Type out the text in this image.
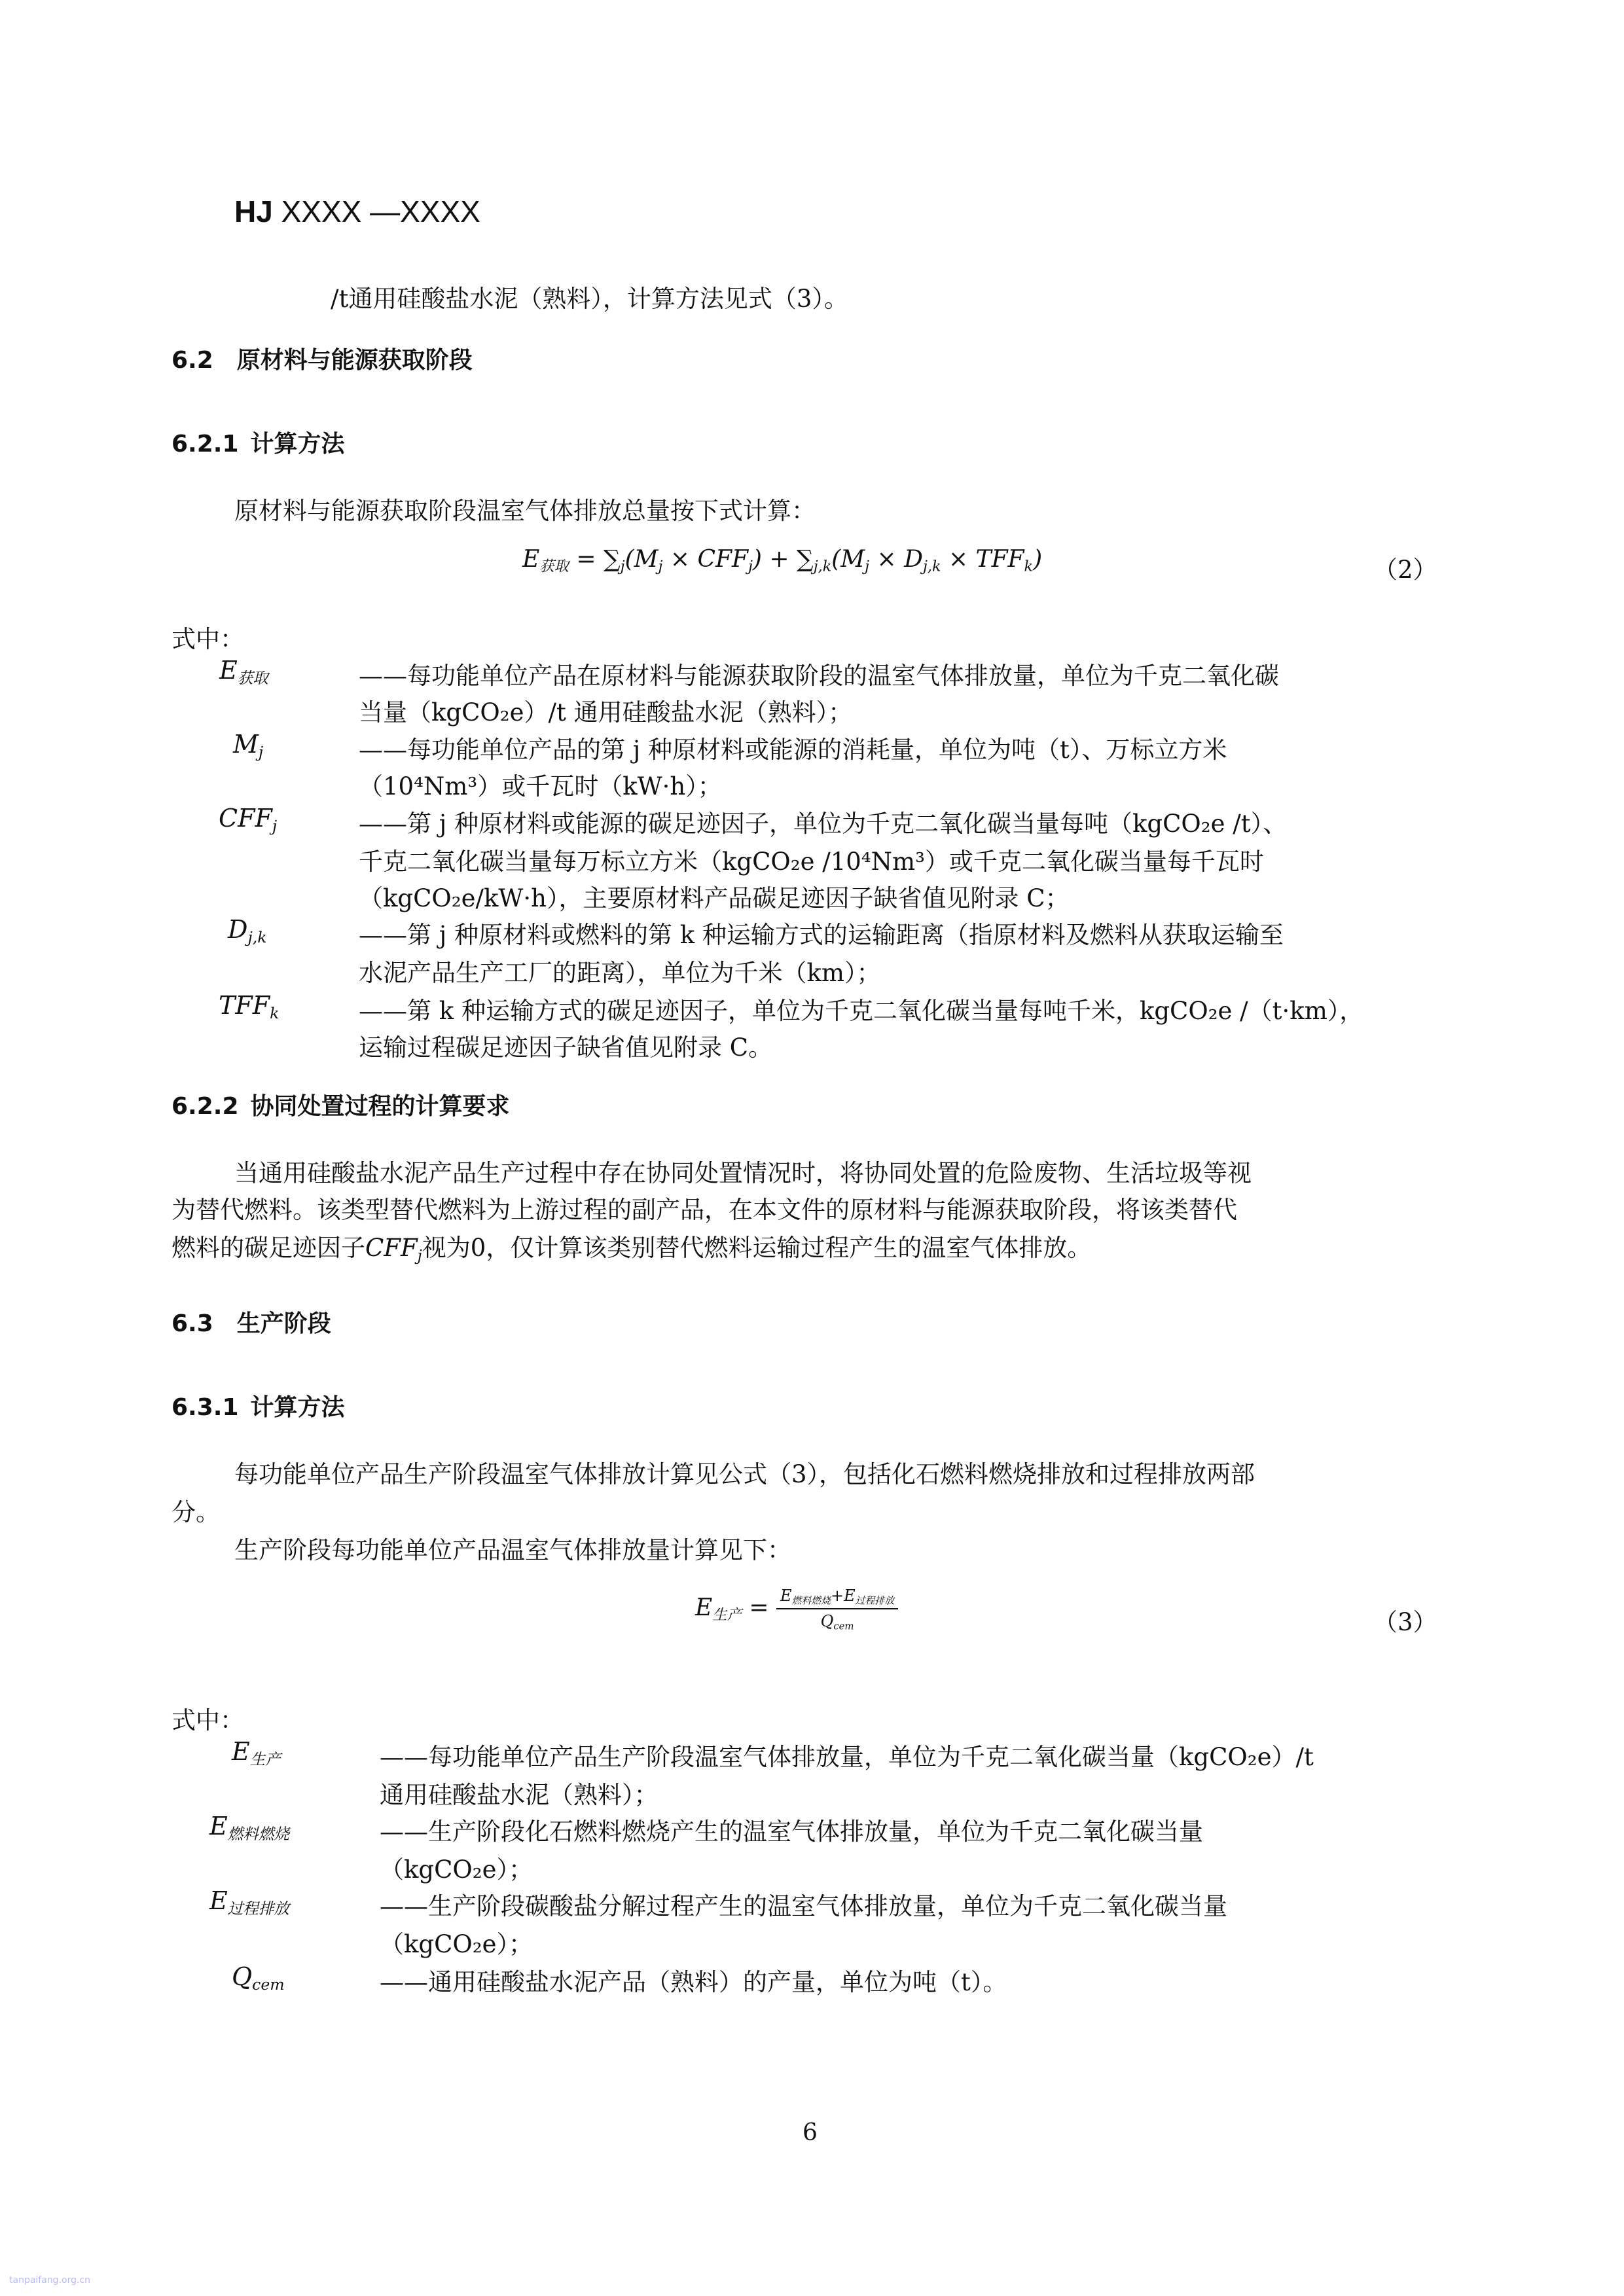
HJ XXXX —XXXX
/t通用硅酸盐水泥（熟料），计算方法见式（3）。
6.2 原材料与能源获取阶段
6.2.1 计算方法
原材料与能源获取阶段温室气体排放总量按下式计算：
$E_{获取} = \sum_j(M_j \times CFF_j) + \sum_{j,k}(M_j \times D_{j,k} \times TFF_k)$	（2）
式中：
$E_{获取}$	——每功能单位产品在原材料与能源获取阶段的温室气体排放量，单位为千克二氧化碳
当量（kgCO₂e）/t 通用硅酸盐水泥（熟料）；
$M_j$	——每功能单位产品的第 j 种原材料或能源的消耗量，单位为吨（t）、万标立方米
（10⁴Nm³）或千瓦时（kW·h）；
$CFF_j$	——第 j 种原材料或能源的碳足迹因子，单位为千克二氧化碳当量每吨（kgCO₂e /t）、
千克二氧化碳当量每万标立方米（kgCO₂e /10⁴Nm³）或千克二氧化碳当量每千瓦时
（kgCO₂e/kW·h），主要原材料产品碳足迹因子缺省值见附录 C；
$D_{j,k}$	——第 j 种原材料或燃料的第 k 种运输方式的运输距离（指原材料及燃料从获取运输至
水泥产品生产工厂的距离），单位为千米（km）；
$TFF_k$	——第 k 种运输方式的碳足迹因子，单位为千克二氧化碳当量每吨千米，kgCO₂e /（t·km），
运输过程碳足迹因子缺省值见附录 C。
6.2.2 协同处置过程的计算要求
当通用硅酸盐水泥产品生产过程中存在协同处置情况时，将协同处置的危险废物、生活垃圾等视
为替代燃料。该类型替代燃料为上游过程的副产品，在本文件的原材料与能源获取阶段，将该类替代
燃料的碳足迹因子$CFF_j$视为0，仅计算该类别替代燃料运输过程产生的温室气体排放。
6.3 生产阶段
6.3.1 计算方法
每功能单位产品生产阶段温室气体排放计算见公式（3），包括化石燃料燃烧排放和过程排放两部
分。
生产阶段每功能单位产品温室气体排放量计算见下：
$E_{生产} = \frac{E_{燃料燃烧}+E_{过程排放}}{Q_{cem}}$	（3）
式中：
$E_{生产}$	——每功能单位产品生产阶段温室气体排放量，单位为千克二氧化碳当量（kgCO₂e）/t
通用硅酸盐水泥（熟料）；
$E_{燃料燃烧}$	——生产阶段化石燃料燃烧产生的温室气体排放量，单位为千克二氧化碳当量
（kgCO₂e）；
$E_{过程排放}$	——生产阶段碳酸盐分解过程产生的温室气体排放量，单位为千克二氧化碳当量
（kgCO₂e）；
$Q_{cem}$	——通用硅酸盐水泥产品（熟料）的产量，单位为吨（t）。
6
tanpaifang.org.cn
